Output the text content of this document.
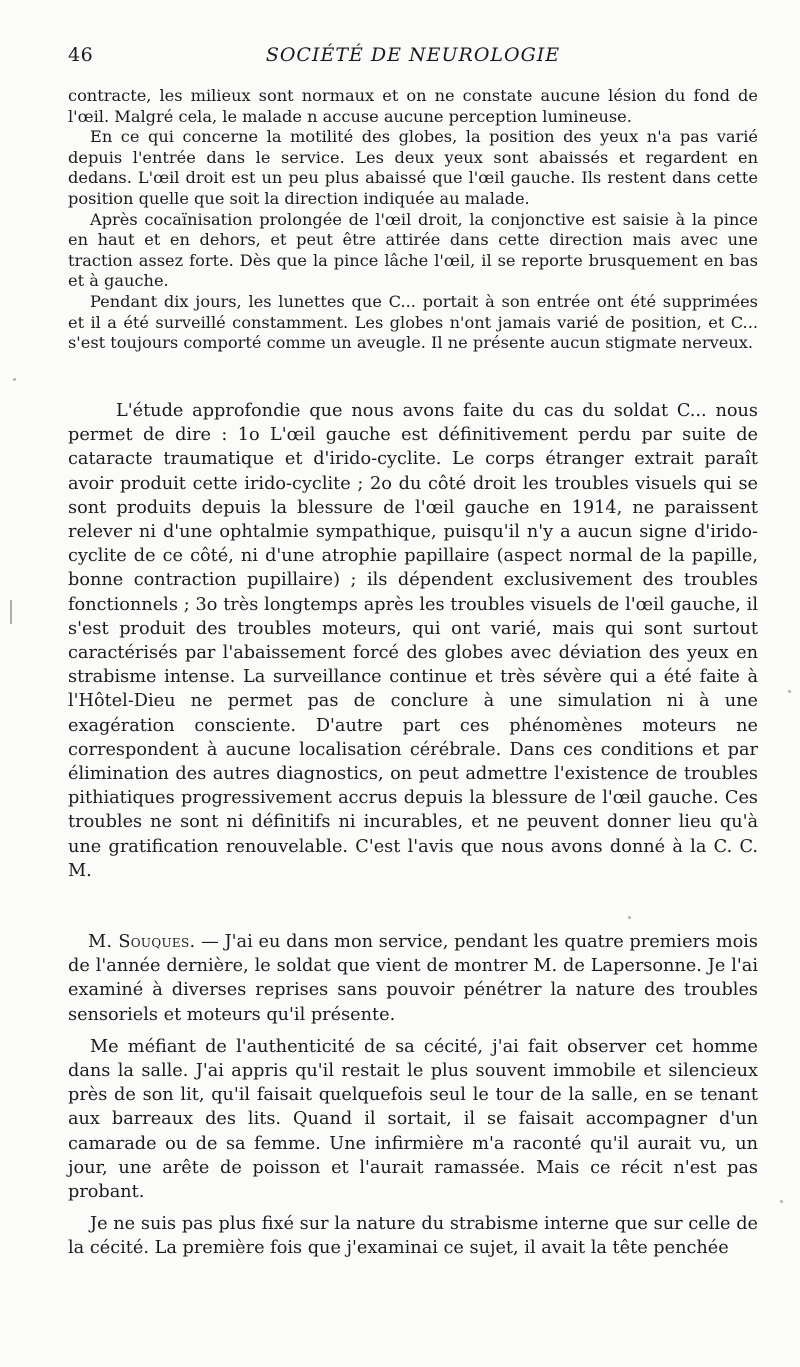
46	SOCIÉTÉ DE NEUROLOGIE

contracte, les milieux sont normaux et on ne constate aucune lésion du fond de l'œil. Malgré cela, le malade n accuse aucune perception lumineuse.

En ce qui concerne la motilité des globes, la position des yeux n'a pas varié depuis l'entrée dans le service. Les deux yeux sont abaissés et regardent en dedans. L'œil droit est un peu plus abaissé que l'œil gauche. Ils restent dans cette position quelle que soit la direction indiquée au malade.

Après cocaïnisation prolongée de l'œil droit, la conjonctive est saisie à la pince en haut et en dehors, et peut être attirée dans cette direction mais avec une traction assez forte. Dès que la pince lâche l'œil, il se reporte brusquement en bas et à gauche.

Pendant dix jours, les lunettes que C... portait à son entrée ont été supprimées et il a été surveillé constamment. Les globes n'ont jamais varié de position, et C... s'est toujours comporté comme un aveugle. Il ne présente aucun stigmate nerveux.

L'étude approfondie que nous avons faite du cas du soldat C... nous permet de dire : 1o L'œil gauche est définitivement perdu par suite de cataracte traumatique et d'irido-cyclite. Le corps étranger extrait paraît avoir produit cette irido-cyclite ; 2o du côté droit les troubles visuels qui se sont produits depuis la blessure de l'œil gauche en 1914, ne paraissent relever ni d'une ophtalmie sympathique, puisqu'il n'y a aucun signe d'irido-cyclite de ce côté, ni d'une atrophie papillaire (aspect normal de la papille, bonne contraction pupillaire) ; ils dépendent exclusivement des troubles fonctionnels ; 3o très longtemps après les troubles visuels de l'œil gauche, il s'est produit des troubles moteurs, qui ont varié, mais qui sont surtout caractérisés par l'abaissement forcé des globes avec déviation des yeux en strabisme intense. La surveillance continue et très sévère qui a été faite à l'Hôtel-Dieu ne permet pas de conclure à une simulation ni à une exagération consciente. D'autre part ces phénomènes moteurs ne correspondent à aucune localisation cérébrale. Dans ces conditions et par élimination des autres diagnostics, on peut admettre l'existence de troubles pithiatiques progressivement accrus depuis la blessure de l'œil gauche. Ces troubles ne sont ni définitifs ni incurables, et ne peuvent donner lieu qu'à une gratification renouvelable. C'est l'avis que nous avons donné à la C. C. M.

M. Souques. — J'ai eu dans mon service, pendant les quatre premiers mois de l'année dernière, le soldat que vient de montrer M. de Lapersonne. Je l'ai examiné à diverses reprises sans pouvoir pénétrer la nature des troubles sensoriels et moteurs qu'il présente.

Me méfiant de l'authenticité de sa cécité, j'ai fait observer cet homme dans la salle. J'ai appris qu'il restait le plus souvent immobile et silencieux près de son lit, qu'il faisait quelquefois seul le tour de la salle, en se tenant aux barreaux des lits. Quand il sortait, il se faisait accompagner d'un camarade ou de sa femme. Une infirmière m'a raconté qu'il aurait vu, un jour, une arête de poisson et l'aurait ramassée. Mais ce récit n'est pas probant.

Je ne suis pas plus fixé sur la nature du strabisme interne que sur celle de la cécité. La première fois que j'examinai ce sujet, il avait la tête penchée
